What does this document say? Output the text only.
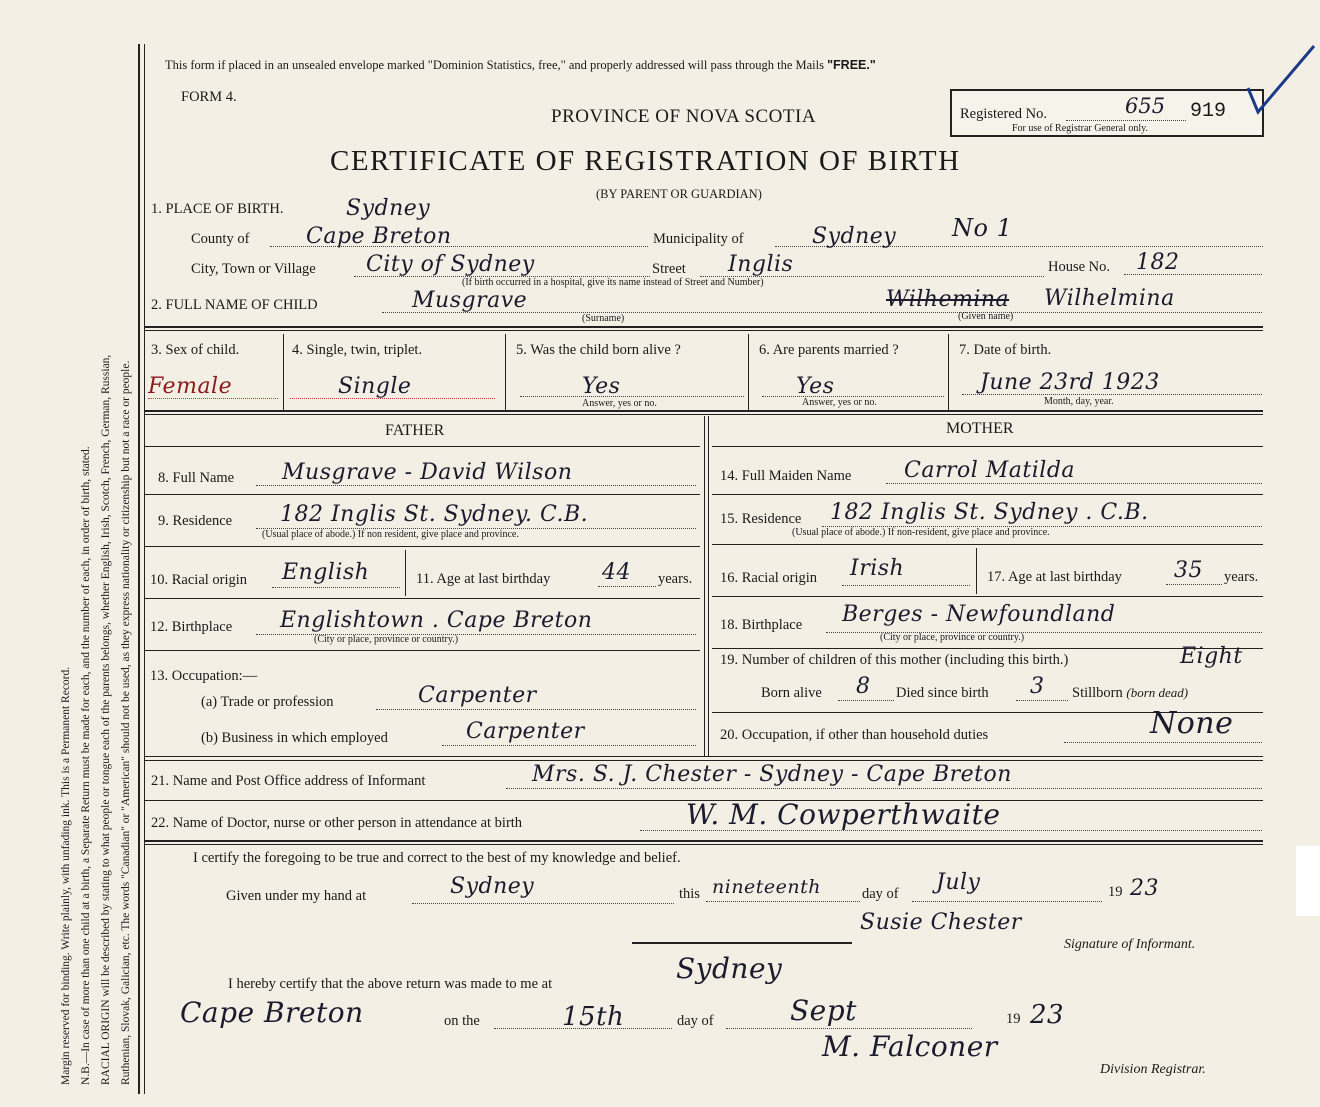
Margin reserved for binding. Write plainly, with unfading ink. This is a Permanent Record. N.B.—In case of more than one child at a birth, a Separate Return must be made for each, and the number of each, in order of birth, stated. RACIAL ORIGIN will be described by stating to what people or tongue each of the parents belongs, whether English, Irish, Scotch, French, German, Russian, Ruthenian, Slovak, Galician, etc. The words "Canadian" or "American" should not be used, as they express nationality or citizenship but not a race or people.
This form if placed in an unsealed envelope marked "Dominion Statistics, free," and properly addressed will pass through the Mails "FREE."
FORM 4.
PROVINCE OF NOVA SCOTIA	Registered No.	655 919
For use of Registrar General only.
CERTIFICATE OF REGISTRATION OF BIRTH
(BY PARENT OR GUARDIAN)
1. PLACE OF BIRTH.	Sydney
County of	Cape Breton	Municipality of	Sydney No 1
City, Town or Village City of Sydney	Street Inglis	House No. 182
(If birth occurred in a hospital, give its name instead of Street and Number)
2. FULL NAME OF CHILD	Musgrave
(Surname)
Wilhemina Wilhelmina
(Given name)
3. Sex of child.
Female
4. Single, twin, triplet.
Single
5. Was the child born alive ?
Yes
Answer, yes or no.
6. Are parents married ?
Yes
Answer, yes or no.
7. Date of birth.
June 23rd 1923
Month, day, year.
FATHER	MOTHER
8. Full Name Musgrave - David Wilson
9. Residence 182 Inglis St. Sydney. C.B.
(Usual place of abode.) If non resident, give place and province.
10. Racial origin English	11. Age at last birthday 44 years.
12. Birthplace Englishtown . Cape Breton
(City or place, province or country.)
13. Occupation:—
(a) Trade or profession	Carpenter
(b) Business in which employed	Carpenter
14. Full Maiden Name Carrol Matilda
15. Residence 182 Inglis St. Sydney . C.B.
(Usual place of abode.) If non-resident, give place and province.
16. Racial origin Irish	17. Age at last birthday 35 years.
18. Birthplace Berges - Newfoundland
(City or place, province or country.)
19. Number of children of this mother (including this birth.)	Eight
Born alive 8 Died since birth 3 Stillborn (born dead)
20. Occupation, if other than household duties	None
21. Name and Post Office address of Informant	Mrs. S. J. Chester - Sydney - Cape Breton
22. Name of Doctor, nurse or other person in attendance at birth	W. M. Cowperthwaite
I certify the foregoing to be true and correct to the best of my knowledge and belief.
Given under my hand at	Sydney	this nineteenth	day of July	19 23
Susie Chester
Signature of Informant.
I hereby certify that the above return was made to me at	Sydney
Cape Breton	on the	15th	day of	Sept	19 23
M. Falconer
Division Registrar.
